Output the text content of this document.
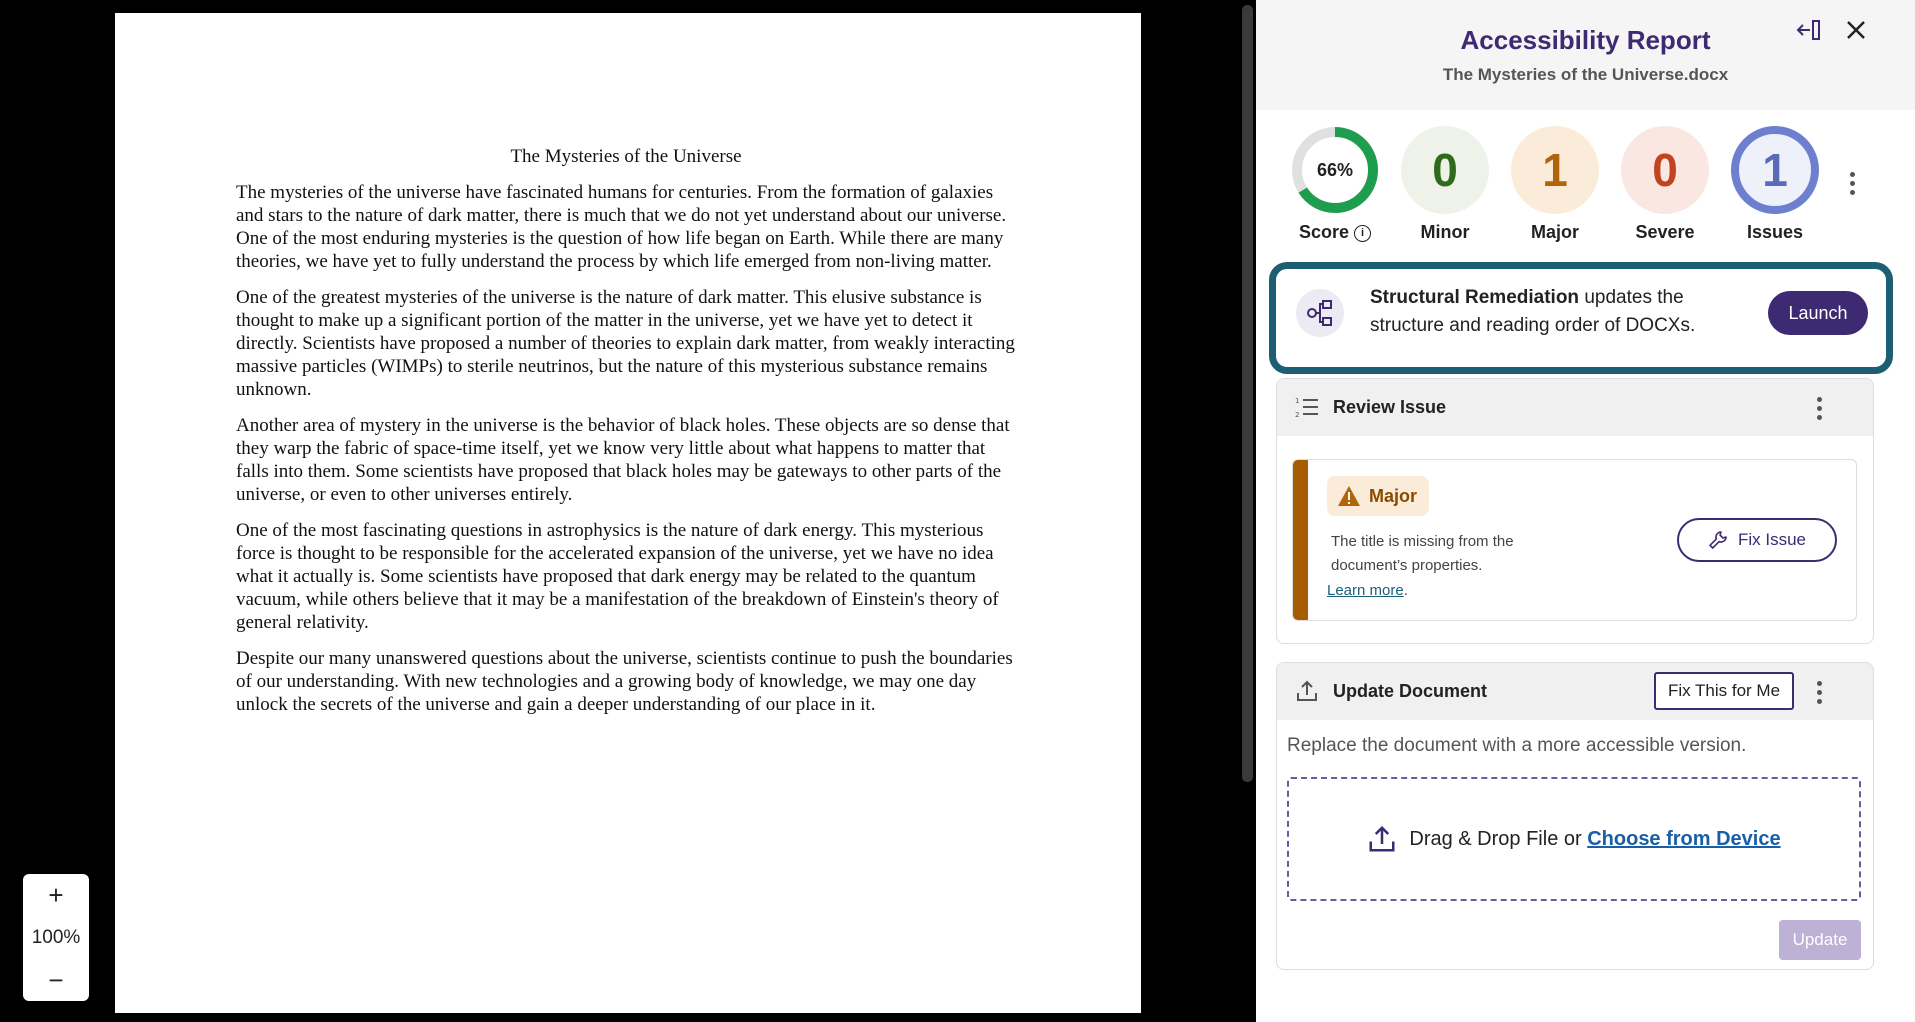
The Mysteries of the Universe

The mysteries of the universe have fascinated humans for centuries. From the formation of galaxies and stars to the nature of dark matter, there is much that we do not yet understand about our universe. One of the most enduring mysteries is the question of how life began on Earth. While there are many theories, we have yet to fully understand the process by which life emerged from non-living matter.

One of the greatest mysteries of the universe is the nature of dark matter. This elusive substance is thought to make up a significant portion of the matter in the universe, yet we have yet to detect it directly. Scientists have proposed a number of theories to explain dark matter, from weakly interacting massive particles (WIMPs) to sterile neutrinos, but the nature of this mysterious substance remains unknown.

Another area of mystery in the universe is the behavior of black holes. These objects are so dense that they warp the fabric of space-time itself, yet we know very little about what happens to matter that falls into them. Some scientists have proposed that black holes may be gateways to other parts of the universe, or even to other universes entirely.

One of the most fascinating questions in astrophysics is the nature of dark energy. This mysterious force is thought to be responsible for the accelerated expansion of the universe, yet we have no idea what it actually is. Some scientists have proposed that dark energy may be related to the quantum vacuum, while others believe that it may be a manifestation of the breakdown of Einstein's theory of general relativity.

Despite our many unanswered questions about the universe, scientists continue to push the boundaries of our understanding. With new technologies and a growing body of knowledge, we may one day unlock the secrets of the universe and gain a deeper understanding of our place in it.

+
100%
−
Accessibility Report
The Mysteries of the Universe.docx
66%
Score i
0
Minor
1
Major
0
Severe
1
Issues
Structural Remediation updates the structure and reading order of DOCXs.
Launch
1
2 Review Issue
Major
The title is missing from the document’s properties.
Learn more.
Fix Issue
Update Document	Fix This for Me
Replace the document with a more accessible version.
Drag & Drop File or Choose from Device
Update
